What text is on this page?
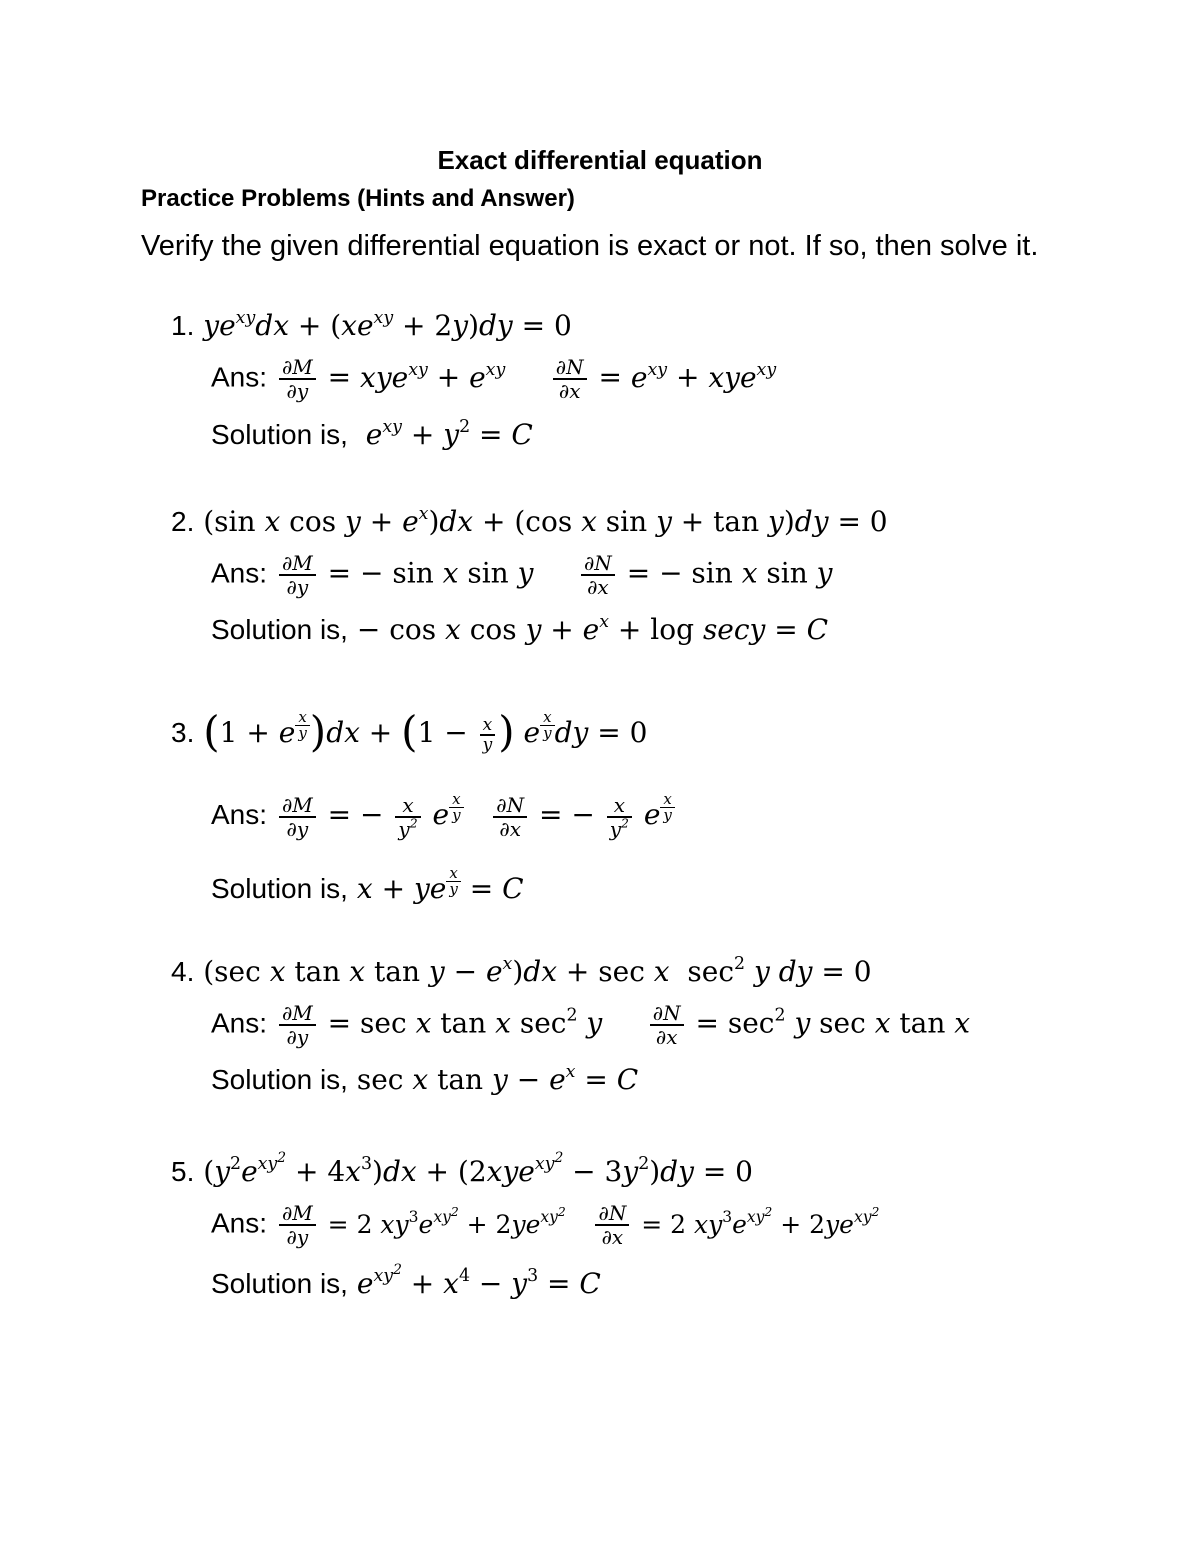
Exact differential equation
Practice Problems (Hints and Answer)
Verify the given differential equation is exact or not. If so, then solve it.
1. $ye^{xy}dx + (xe^{xy} + 2y)dy = 0$
Ans: $\frac{\partial M}{\partial y} = xye^{xy} + e^{xy} \frac{\partial N}{\partial x} = e^{xy} + xye^{xy}$
Solution is, $e^{xy} + y^2 = C$
2. (sin x $\cos y + e^x)dx + (\cos$ x sin y + tan y)dy = 0
Ans: $\frac{\partial M}{\partial y}$ = − sin x sin y $\frac{\partial N}{\partial x}$ = − sin x sin y
Solution is, − cos x $\cos y + e^x + \log \sec y = C$
3. (1 + e $^{\frac{x}{y}}$ )$dx + (1 - \frac{x}{y}$ ) e $^{\frac{x}{y}}$ dy = 0
Ans: $\frac{\partial M}{\partial y}$ = − $\frac{x}{y^2}$ e $^{\frac{x}{y}}$
$\frac{\partial N}{\partial x}$ = − $\frac{x}{y^2}$ e $^{\frac{x}{y}}$
Solution is, x + ye $^{\frac{x}{y}}$ = C
4. (sec x tan x $\tan y - e^x)dx + \sec x$  $\sec^2 y$ dy = 0
Ans: $\frac{\partial M}{\partial y} = \sec x$ tan x $\sec^2 y \frac{\partial N}{\partial x} = \sec^2 y$ sec x tan x
Solution is, sec x $\tan y - e^x = C$
5. $(y^2e^{xy^2} + 4x^3)dx + (2xye^{xy^2} - 3y^2)dy = 0$
Ans: $\frac{\partial M}{\partial y} = 2$ $xy^3e^{xy^2} + 2ye^{xy^2} \frac{\partial N}{\partial x} = 2$ $xy^3e^{xy^2} + 2ye^{xy^2}$
Solution is, $e^{xy^2} + x^4 - y^3 = C$
